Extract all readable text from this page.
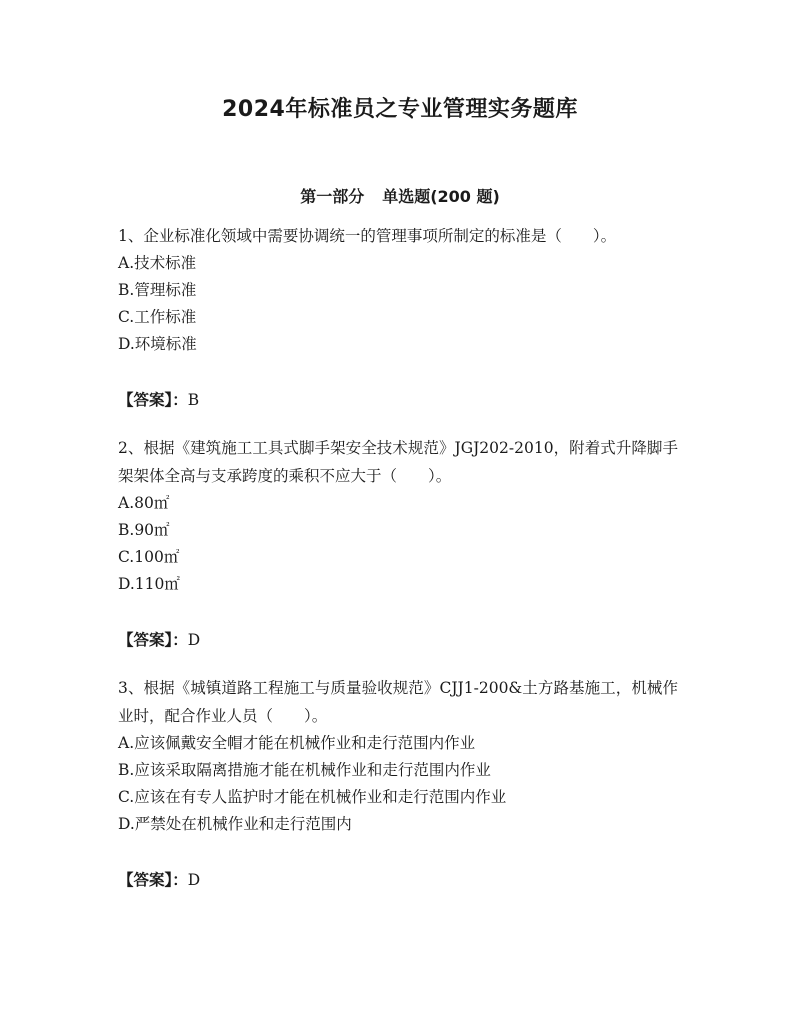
2024年标准员之专业管理实务题库
第一部分 单选题(200 题)

1、企业标准化领域中需要协调统一的管理事项所制定的标准是（　　）。

A.技术标准

B.管理标准

C.工作标准

D.环境标准

【答案】：B

2、根据《建筑施工工具式脚手架安全技术规范》JGJ202-2010，附着式升降脚手架架体全高与支承跨度的乘积不应大于（　　）。

A.80㎡

B.90㎡

C.100㎡

D.110㎡

【答案】：D

3、根据《城镇道路工程施工与质量验收规范》CJJ1-200&土方路基施工，机械作业时，配合作业人员（　　）。

A.应该佩戴安全帽才能在机械作业和走行范围内作业

B.应该采取隔离措施才能在机械作业和走行范围内作业

C.应该在有专人监护时才能在机械作业和走行范围内作业

D.严禁处在机械作业和走行范围内

【答案】：D
